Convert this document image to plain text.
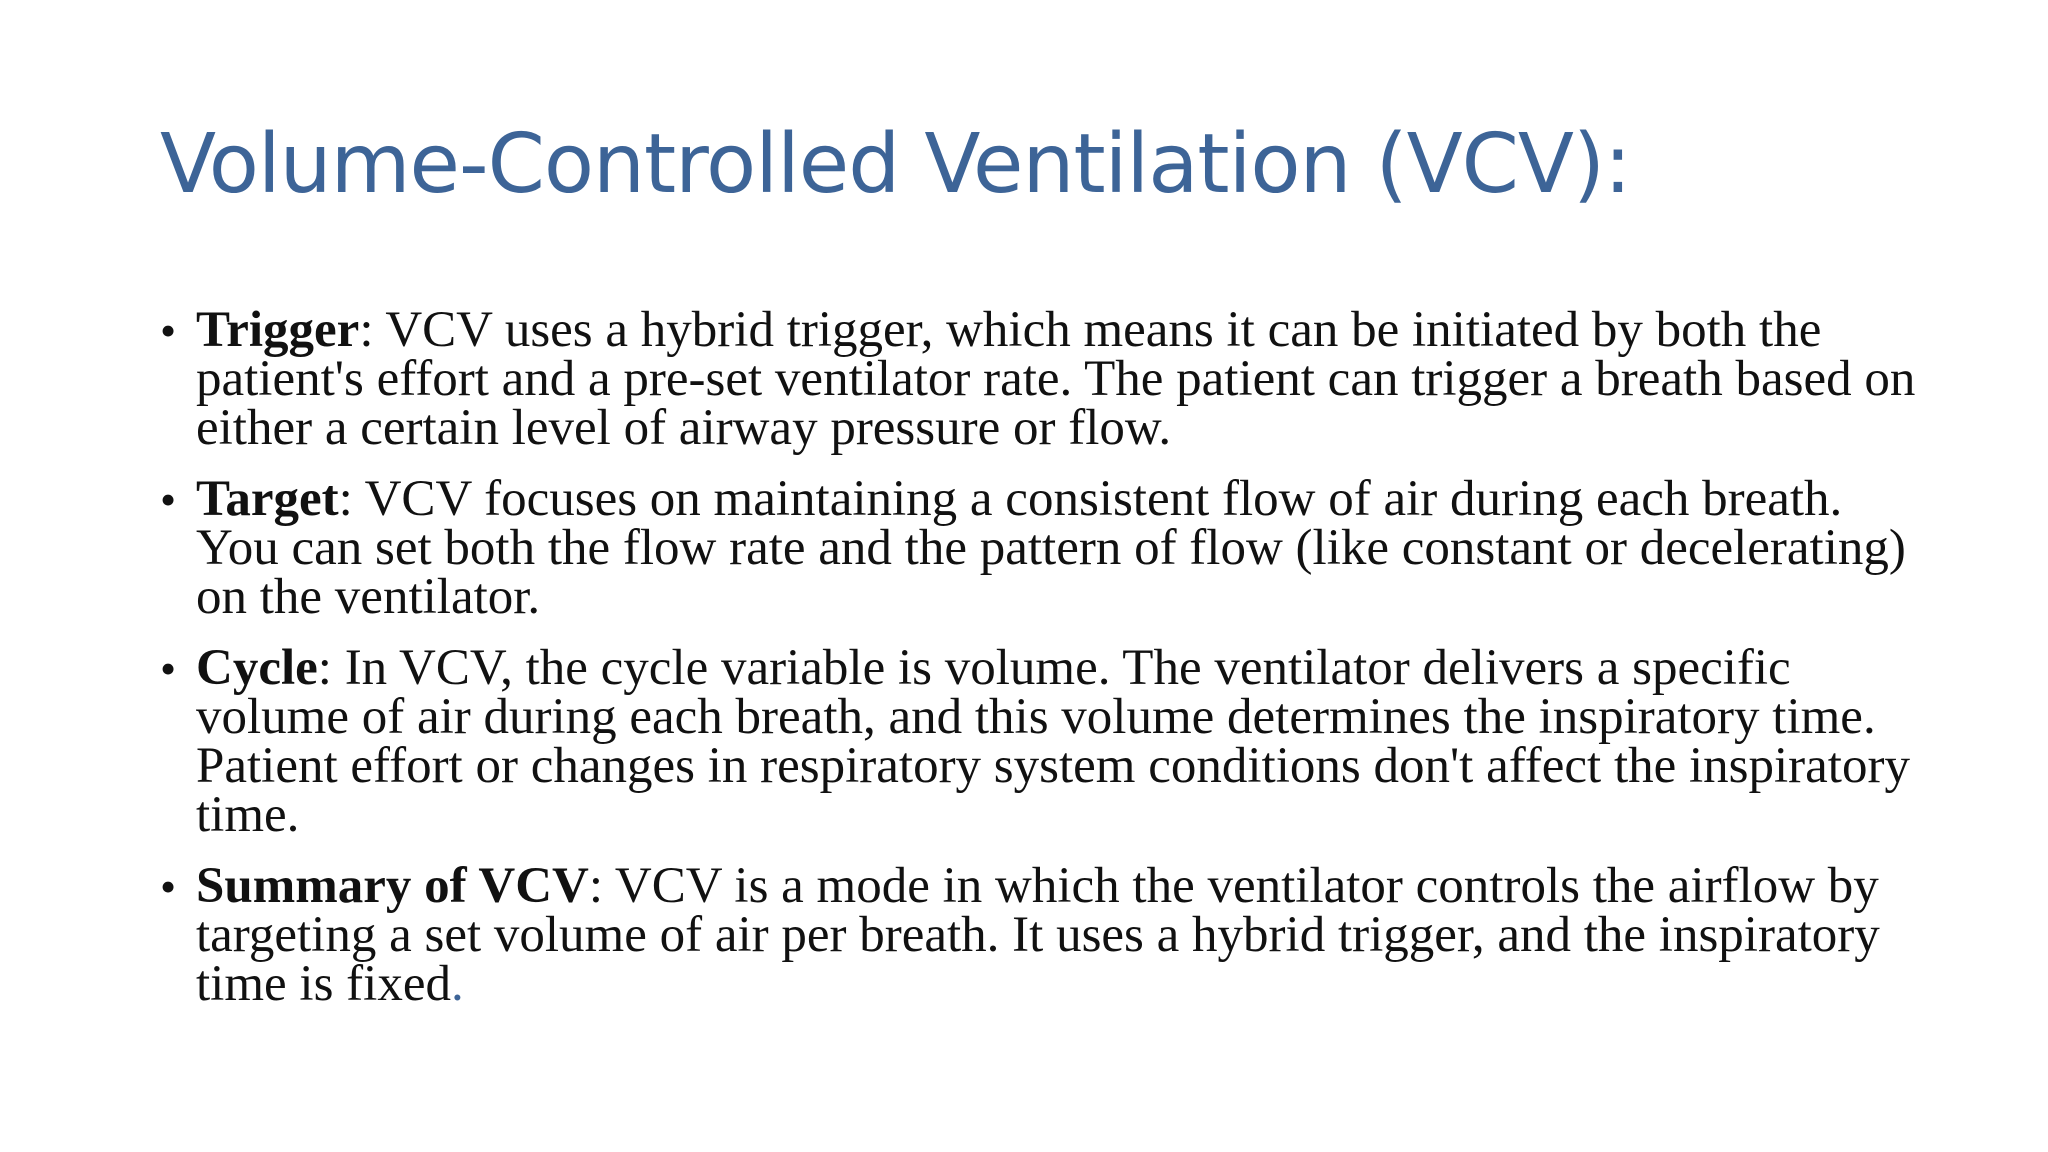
Volume-Controlled Ventilation (VCV):
• Trigger: VCV uses a hybrid trigger, which means it can be initiated by both the patient's effort and a pre-set ventilator rate. The patient can trigger a breath based on either a certain level of airway pressure or flow.
• Target: VCV focuses on maintaining a consistent flow of air during each breath. You can set both the flow rate and the pattern of flow (like constant or decelerating) on the ventilator.
• Cycle: In VCV, the cycle variable is volume. The ventilator delivers a specific volume of air during each breath, and this volume determines the inspiratory time. Patient effort or changes in respiratory system conditions don't affect the inspiratory time.
• Summary of VCV: VCV is a mode in which the ventilator controls the airflow by targeting a set volume of air per breath. It uses a hybrid trigger, and the inspiratory time is fixed.
